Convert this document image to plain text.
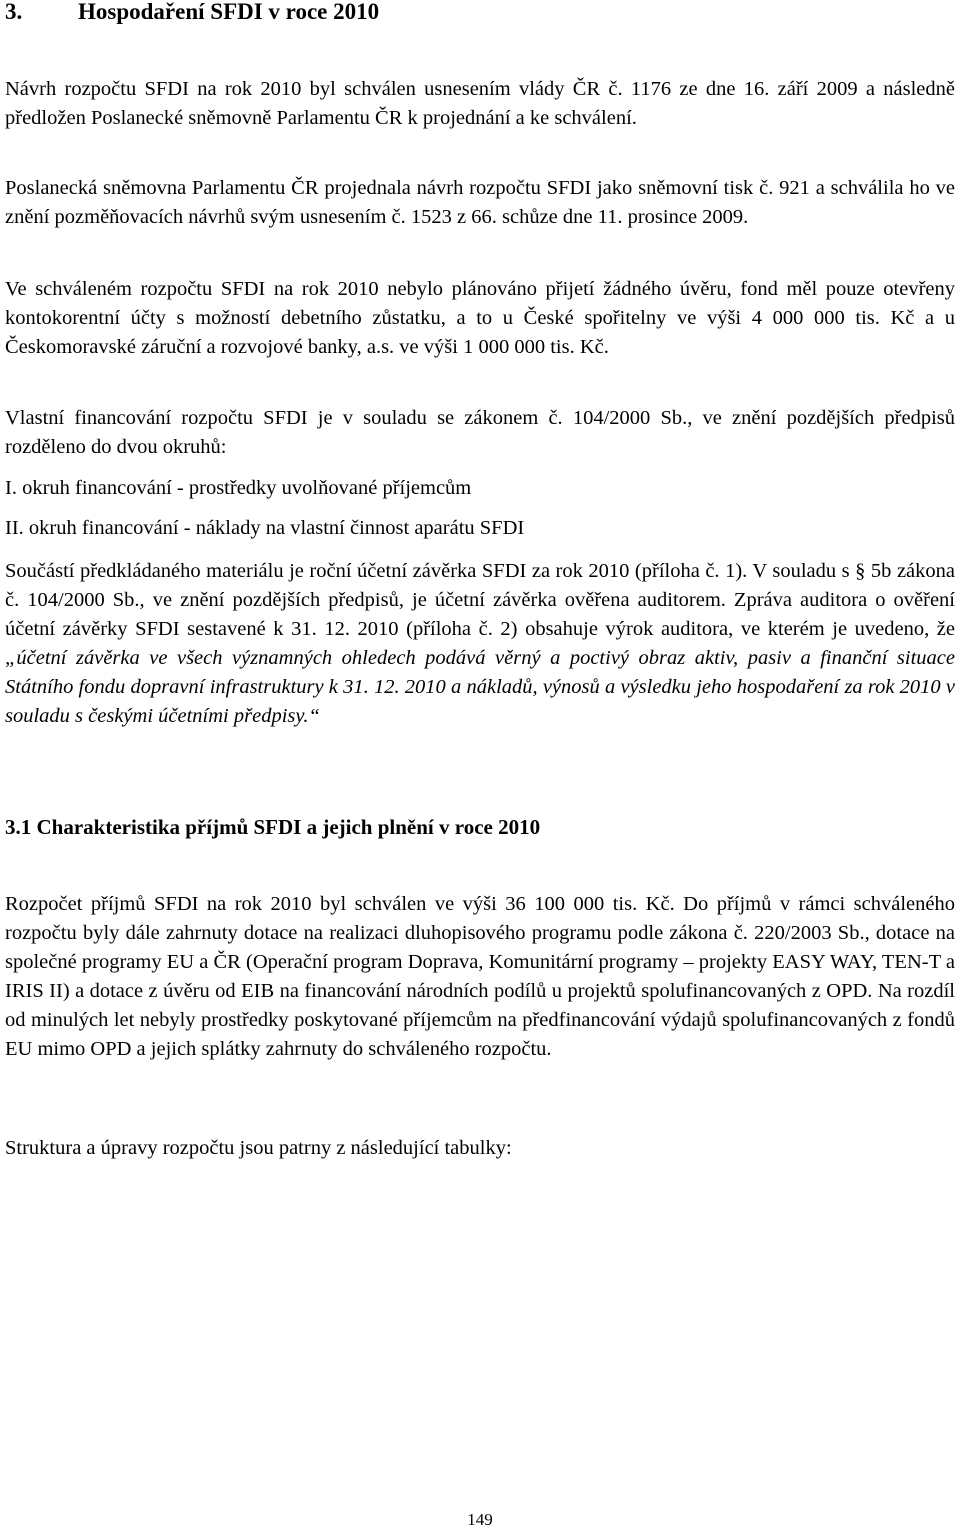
3. Hospodaření SFDI v roce 2010

Návrh rozpočtu SFDI na rok 2010 byl schválen usnesením vlády ČR č. 1176 ze dne 16. září 2009 a následně předložen Poslanecké sněmovně Parlamentu ČR k projednání a ke schválení.

Poslanecká sněmovna Parlamentu ČR projednala návrh rozpočtu SFDI jako sněmovní tisk č. 921 a schválila ho ve znění pozměňovacích návrhů svým usnesením č. 1523 z 66. schůze dne 11. prosince 2009.

Ve schváleném rozpočtu SFDI na rok 2010 nebylo plánováno přijetí žádného úvěru, fond měl pouze otevřeny kontokorentní účty s možností debetního zůstatku, a to u České spořitelny ve výši 4 000 000 tis. Kč a u Českomoravské záruční a rozvojové banky, a.s. ve výši 1 000 000 tis. Kč.

Vlastní financování rozpočtu SFDI je v souladu se zákonem č. 104/2000 Sb., ve znění pozdějších předpisů rozděleno do dvou okruhů:

I. okruh financování - prostředky uvolňované příjemcům

II. okruh financování - náklady na vlastní činnost aparátu SFDI

Součástí předkládaného materiálu je roční účetní závěrka SFDI za rok 2010 (příloha č. 1). V souladu s § 5b zákona č. 104/2000 Sb., ve znění pozdějších předpisů, je účetní závěrka ověřena auditorem. Zpráva auditora o ověření účetní závěrky SFDI sestavené k 31. 12. 2010 (příloha č. 2) obsahuje výrok auditora, ve kterém je uvedeno, že „účetní závěrka ve všech významných ohledech podává věrný a poctivý obraz aktiv, pasiv a finanční situace Státního fondu dopravní infrastruktury k 31. 12. 2010 a nákladů, výnosů a výsledku jeho hospodaření za rok 2010 v souladu s českými účetními předpisy.“

3.1 Charakteristika příjmů SFDI a jejich plnění v roce 2010

Rozpočet příjmů SFDI na rok 2010 byl schválen ve výši 36 100 000 tis. Kč. Do příjmů v rámci schváleného rozpočtu byly dále zahrnuty dotace na realizaci dluhopisového programu podle zákona č. 220/2003 Sb., dotace na společné programy EU a ČR (Operační program Doprava, Komunitární programy – projekty EASY WAY, TEN-T a IRIS II) a dotace z úvěru od EIB na financování národních podílů u projektů spolufinancovaných z OPD. Na rozdíl od minulých let nebyly prostředky poskytované příjemcům na předfinancování výdajů spolufinancovaných z fondů EU mimo OPD a jejich splátky zahrnuty do schváleného rozpočtu.

Struktura a úpravy rozpočtu jsou patrny z následující tabulky:

149
